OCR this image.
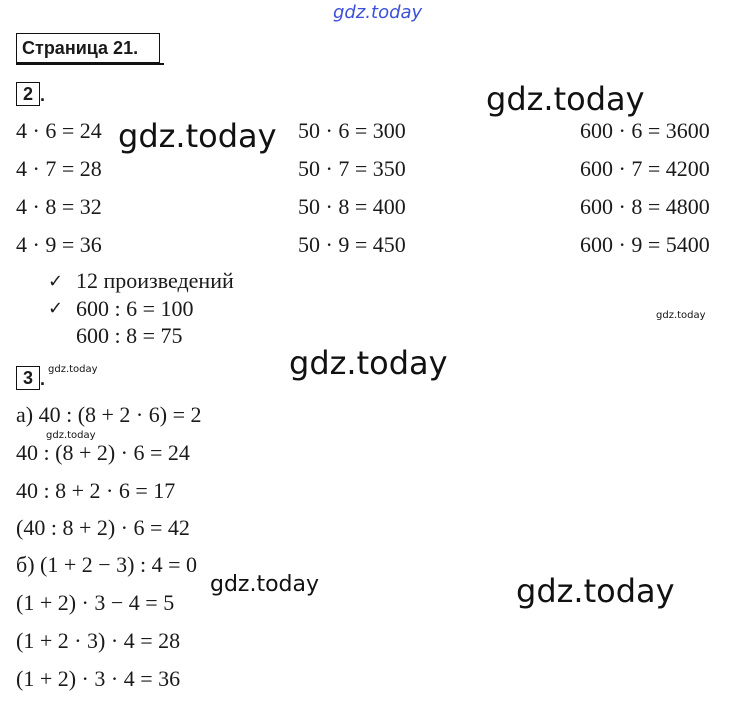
gdz.today
Страница 21.
2 .
4 · 6 = 24
4 · 7 = 28
4 · 8 = 32
4 · 9 = 36
50 · 6 = 300
50 · 7 = 350
50 · 8 = 400
50 · 9 = 450
600 · 6 = 3600
600 · 7 = 4200
600 · 8 = 4800
600 · 9 = 5400
✓ 12 произведений
✓ 600 : 6 = 100
600 : 8 = 75
3 .
а) 40 : (8 + 2 · 6) = 2
40 : (8 + 2) · 6 = 24
40 : 8 + 2 · 6 = 17
(40 : 8 + 2) · 6 = 42
б) (1 + 2 − 3) : 4 = 0
(1 + 2) · 3 − 4 = 5
(1 + 2 · 3) · 4 = 28
(1 + 2) · 3 · 4 = 36
gdz.today
gdz.today
gdz.today
gdz.today
gdz.today
gdz.today
gdz.today	gdz.today
